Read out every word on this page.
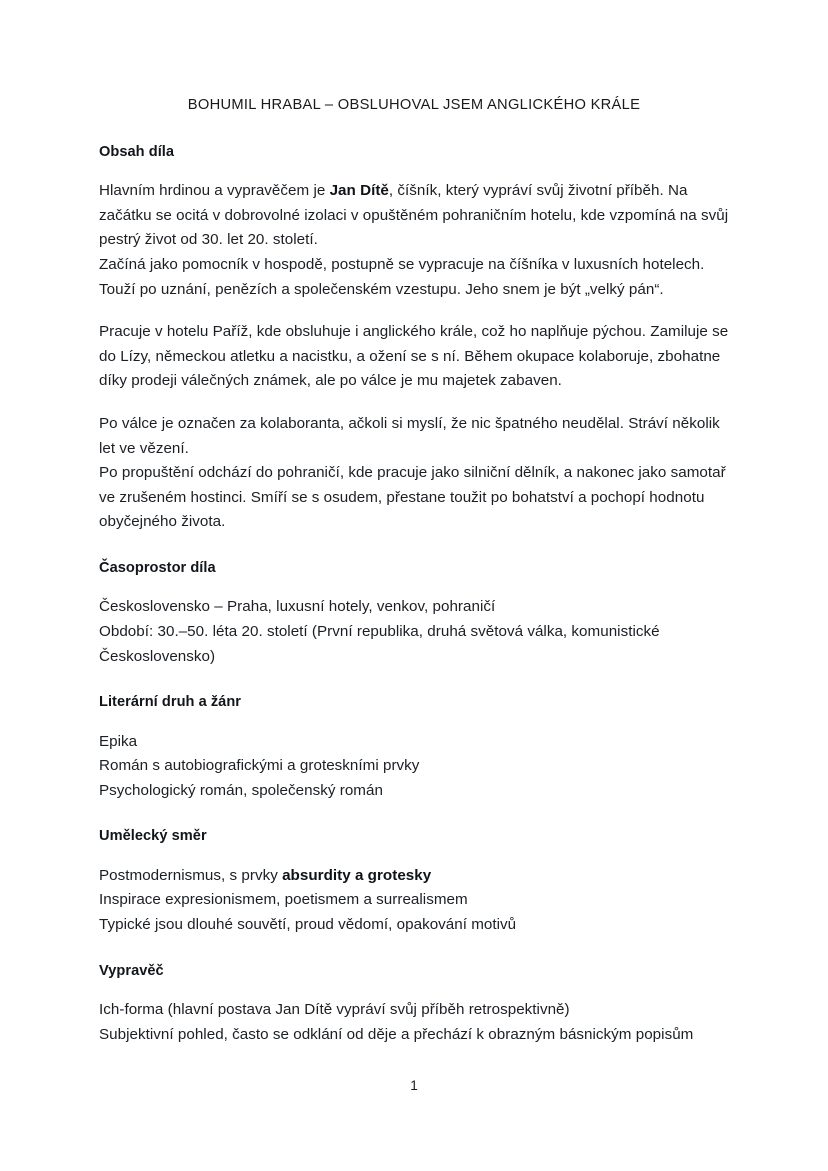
BOHUMIL HRABAL – OBSLUHOVAL JSEM ANGLICKÉHO KRÁLE
Obsah díla

Hlavním hrdinou a vypravěčem je Jan Dítě, číšník, který vypráví svůj životní příběh. Na začátku se ocitá v dobrovolné izolaci v opuštěném pohraničním hotelu, kde vzpomíná na svůj pestrý život od 30. let 20. století.
Začíná jako pomocník v hospodě, postupně se vypracuje na číšníka v luxusních hotelech. Touží po uznání, penězích a společenském vzestupu. Jeho snem je být „velký pán“.

Pracuje v hotelu Paříž, kde obsluhuje i anglického krále, což ho naplňuje pýchou. Zamiluje se do Lízy, německou atletku a nacistku, a ožení se s ní. Během okupace kolaboruje, zbohatne díky prodeji válečných známek, ale po válce je mu majetek zabaven.

Po válce je označen za kolaboranta, ačkoli si myslí, že nic špatného neudělal. Stráví několik let ve vězení.
Po propuštění odchází do pohraničí, kde pracuje jako silniční dělník, a nakonec jako samotař ve zrušeném hostinci. Smíří se s osudem, přestane toužit po bohatství a pochopí hodnotu obyčejného života.

Časoprostor díla

Československo – Praha, luxusní hotely, venkov, pohraničí
Období: 30.–50. léta 20. století (První republika, druhá světová válka, komunistické Československo)

Literární druh a žánr

Epika
Román s autobiografickými a groteskními prvky
Psychologický román, společenský román

Umělecký směr

Postmodernismus, s prvky absurdity a grotesky
Inspirace expresionismem, poetismem a surrealismem
Typické jsou dlouhé souvětí, proud vědomí, opakování motivů

Vypravěč

Ich-forma (hlavní postava Jan Dítě vypráví svůj příběh retrospektivně)
Subjektivní pohled, často se odklání od děje a přechází k obrazným básnickým popisům

1
